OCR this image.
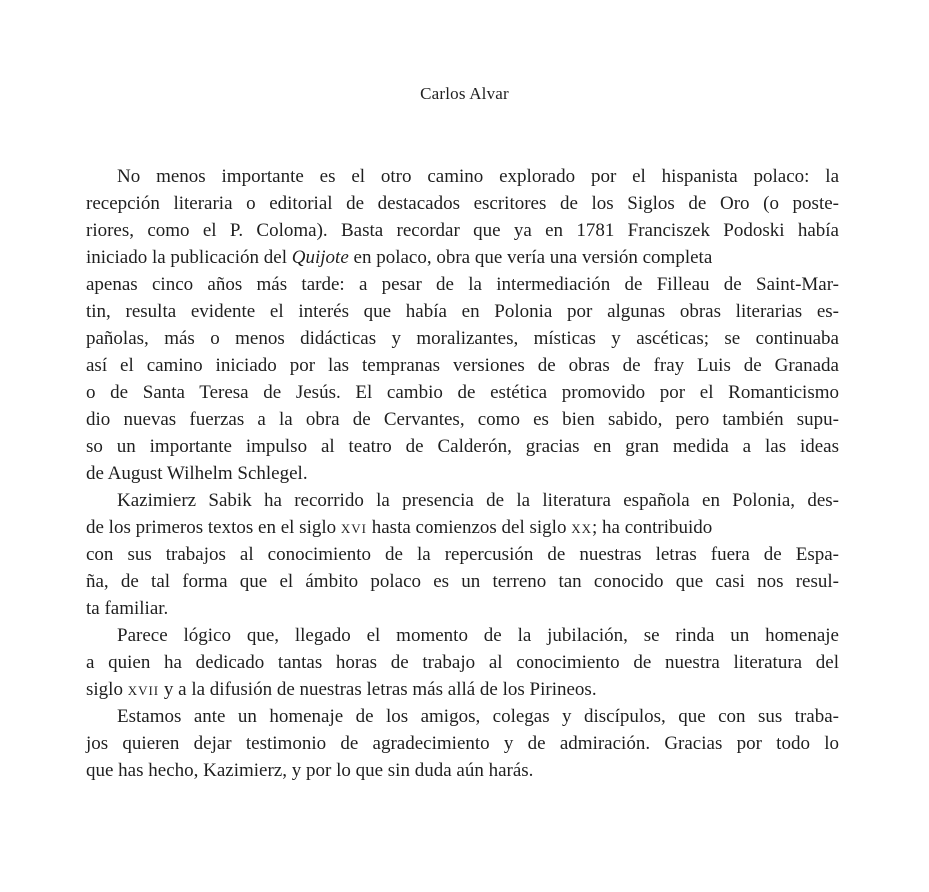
Carlos Alvar

No menos importante es el otro camino explorado por el hispanista polaco: la
recepción literaria o editorial de destacados escritores de los Siglos de Oro (o poste-
riores, como el P. Coloma). Basta recordar que ya en 1781 Franciszek Podoski había
iniciado la publicación del Quijote en polaco, obra que vería una versión completa
apenas cinco años más tarde: a pesar de la intermediación de Filleau de Saint-Mar-
tin, resulta evidente el interés que había en Polonia por algunas obras literarias es-
pañolas, más o menos didácticas y moralizantes, místicas y ascéticas; se continuaba
así el camino iniciado por las tempranas versiones de obras de fray Luis de Granada
o de Santa Teresa de Jesús. El cambio de estética promovido por el Romanticismo
dio nuevas fuerzas a la obra de Cervantes, como es bien sabido, pero también supu-
so un importante impulso al teatro de Calderón, gracias en gran medida a las ideas
de August Wilhelm Schlegel.

Kazimierz Sabik ha recorrido la presencia de la literatura española en Polonia, des-
de los primeros textos en el siglo xvi hasta comienzos del siglo xx; ha contribuido
con sus trabajos al conocimiento de la repercusión de nuestras letras fuera de Espa-
ña, de tal forma que el ámbito polaco es un terreno tan conocido que casi nos resul-
ta familiar.

Parece lógico que, llegado el momento de la jubilación, se rinda un homenaje
a quien ha dedicado tantas horas de trabajo al conocimiento de nuestra literatura del
siglo xvii y a la difusión de nuestras letras más allá de los Pirineos.

Estamos ante un homenaje de los amigos, colegas y discípulos, que con sus traba-
jos quieren dejar testimonio de agradecimiento y de admiración. Gracias por todo lo
que has hecho, Kazimierz, y por lo que sin duda aún harás.
